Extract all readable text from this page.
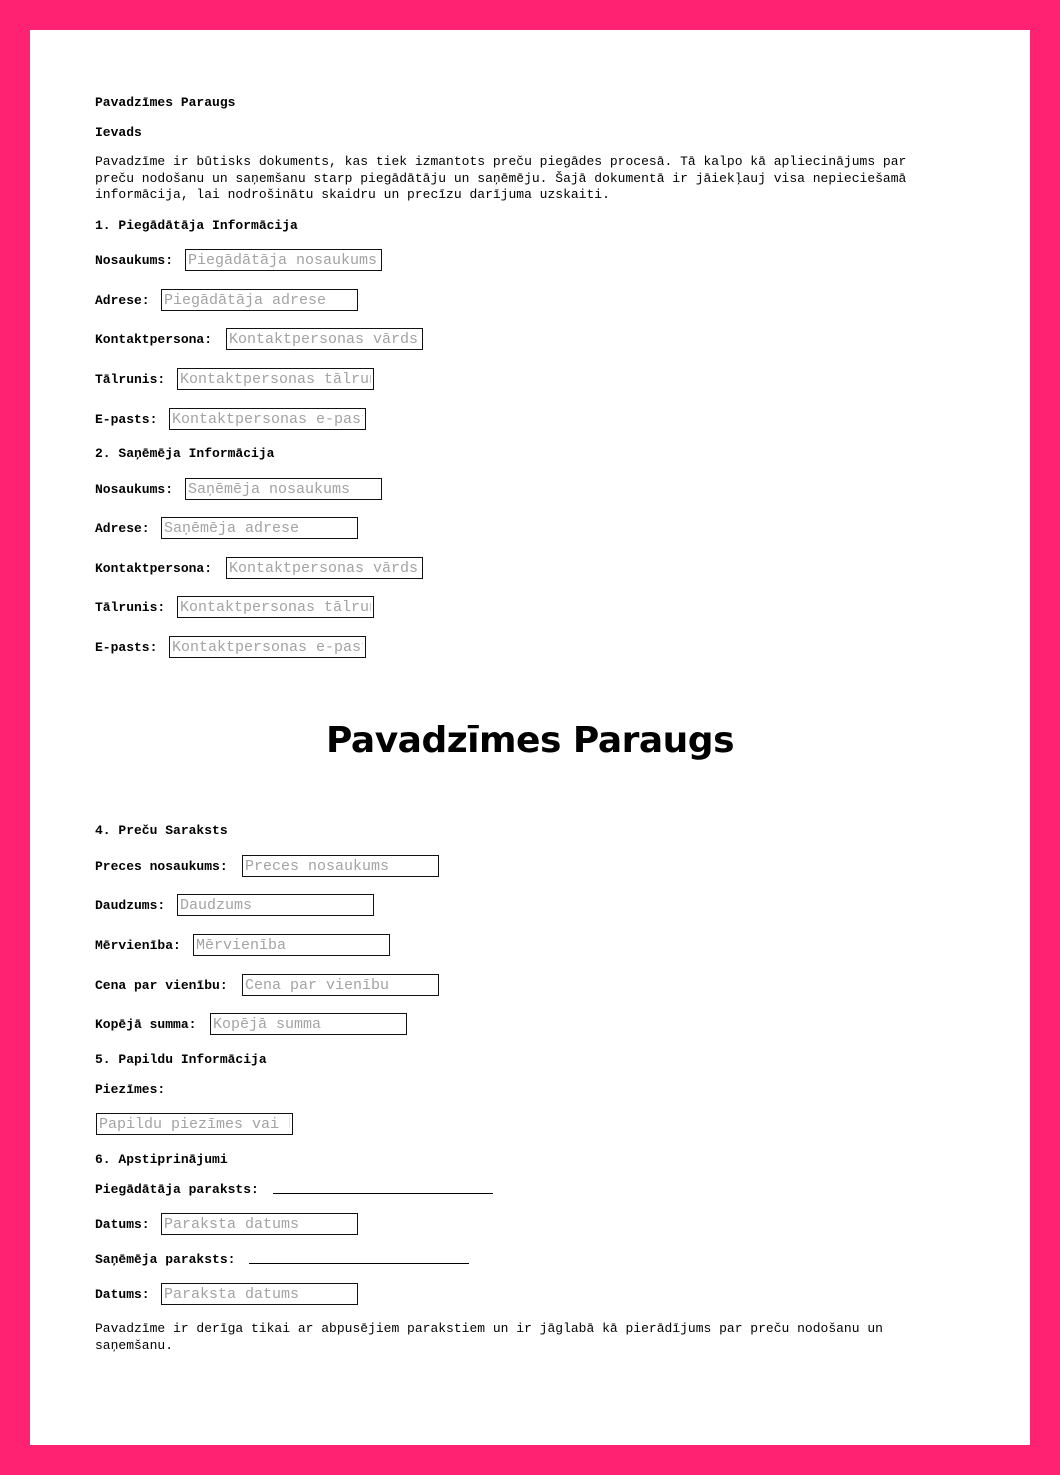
Pavadzīmes Paraugs
Ievads
Pavadzīme ir būtisks dokuments, kas tiek izmantots preču piegādes procesā. Tā kalpo kā apliecinājums par
preču nodošanu un saņemšanu starp piegādātāju un saņēmēju. Šajā dokumentā ir jāiekļauj visa nepieciešamā
informācija, lai nodrošinātu skaidru un precīzu darījuma uzskaiti.
1. Piegādātāja Informācija
Nosaukums:
Piegādātāja nosaukums
Adrese:
Piegādātāja adrese
Kontaktpersona:
Kontaktpersonas vārds
Tālrunis:
Kontaktpersonas tālrunis
E-pasts:
Kontaktpersonas e-pasts
2. Saņēmēja Informācija
Nosaukums:
Saņēmēja nosaukums
Adrese:
Saņēmēja adrese
Kontaktpersona:
Kontaktpersonas vārds
Tālrunis:
Kontaktpersonas tālrunis
E-pasts:
Kontaktpersonas e-pasts
Pavadzīmes Paraugs
4. Preču Saraksts
Preces nosaukums:
Preces nosaukums
Daudzums:
Daudzums
Mērvienība:
Mērvienība
Cena par vienību:
Cena par vienību
Kopējā summa:
Kopējā summa
5. Papildu Informācija
Piezīmes:
Papildu piezīmes vai komentāri
6. Apstiprinājumi
Piegādātāja paraksts:
Datums:
Paraksta datums
Saņēmēja paraksts:
Datums:
Paraksta datums
Pavadzīme ir derīga tikai ar abpusējiem parakstiem un ir jāglabā kā pierādījums par preču nodošanu un
saņemšanu.
